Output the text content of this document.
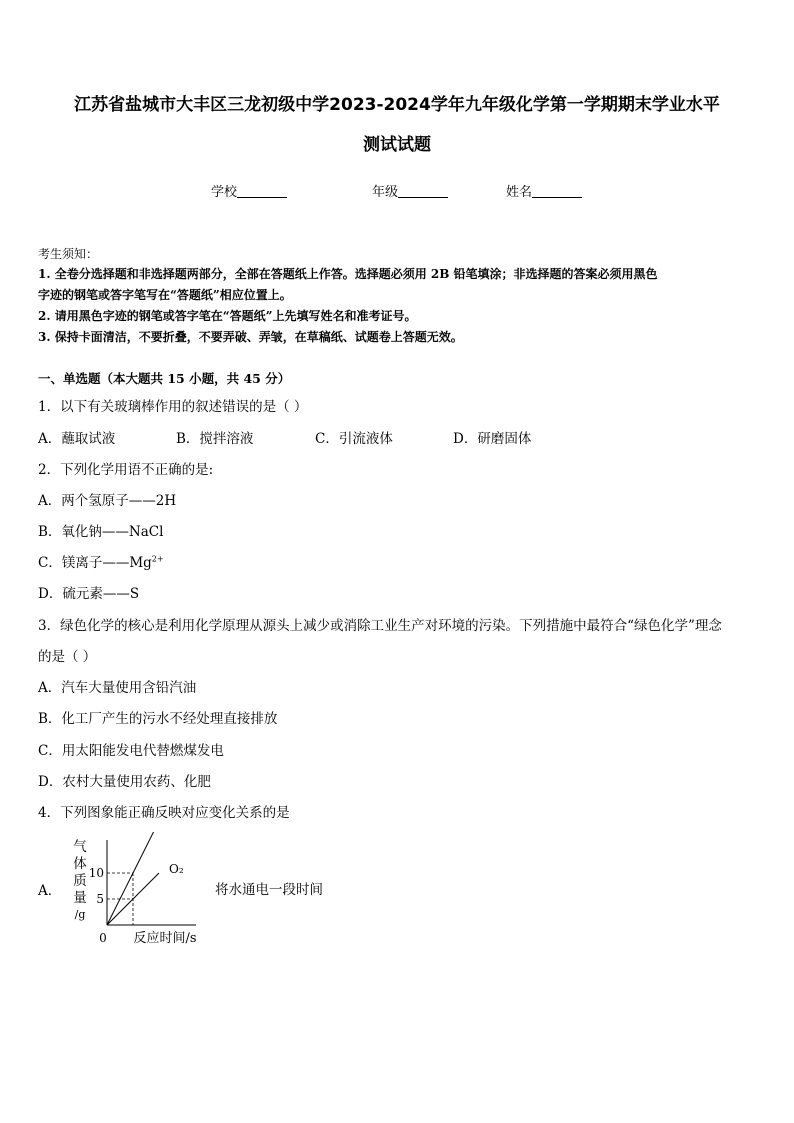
江苏省盐城市大丰区三龙初级中学2023-2024学年九年级化学第一学期期末学业水平
测试试题
学校	年级	姓名
考生须知：
1. 全卷分选择题和非选择题两部分，全部在答题纸上作答。选择题必须用 2B 铅笔填涂；非选择题的答案必须用黑色
字迹的钢笔或答字笔写在“答题纸”相应位置上。
2. 请用黑色字迹的钢笔或答字笔在“答题纸”上先填写姓名和准考证号。
3. 保持卡面清洁，不要折叠，不要弄破、弄皱，在草稿纸、试题卷上答题无效。
一、单选题（本大题共 15 小题，共 45 分）
1．以下有关玻璃棒作用的叙述错误的是（ ）
A．蘸取试液	B．搅拌溶液	C．引流液体	D．研磨固体
2．下列化学用语不正确的是:
A．两个氢原子——2H
B．氧化钠——NaCl
C．镁离子$——Mg^{2+}$
D．硫元素——S
3．绿色化学的核心是利用化学原理从源头上减少或消除工业生产对环境的污染。下列措施中最符合“绿色化学”理念
的是（ ）
A．汽车大量使用含铅汽油
B．化工厂产生的污水不经处理直接排放
C．用太阳能发电代替燃煤发电
D．农村大量使用农药、化肥
4．下列图象能正确反映对应变化关系的是
A．	将水通电一段时间
气
体
质
量
/g
10
5
0 反应时间/s
O₂
